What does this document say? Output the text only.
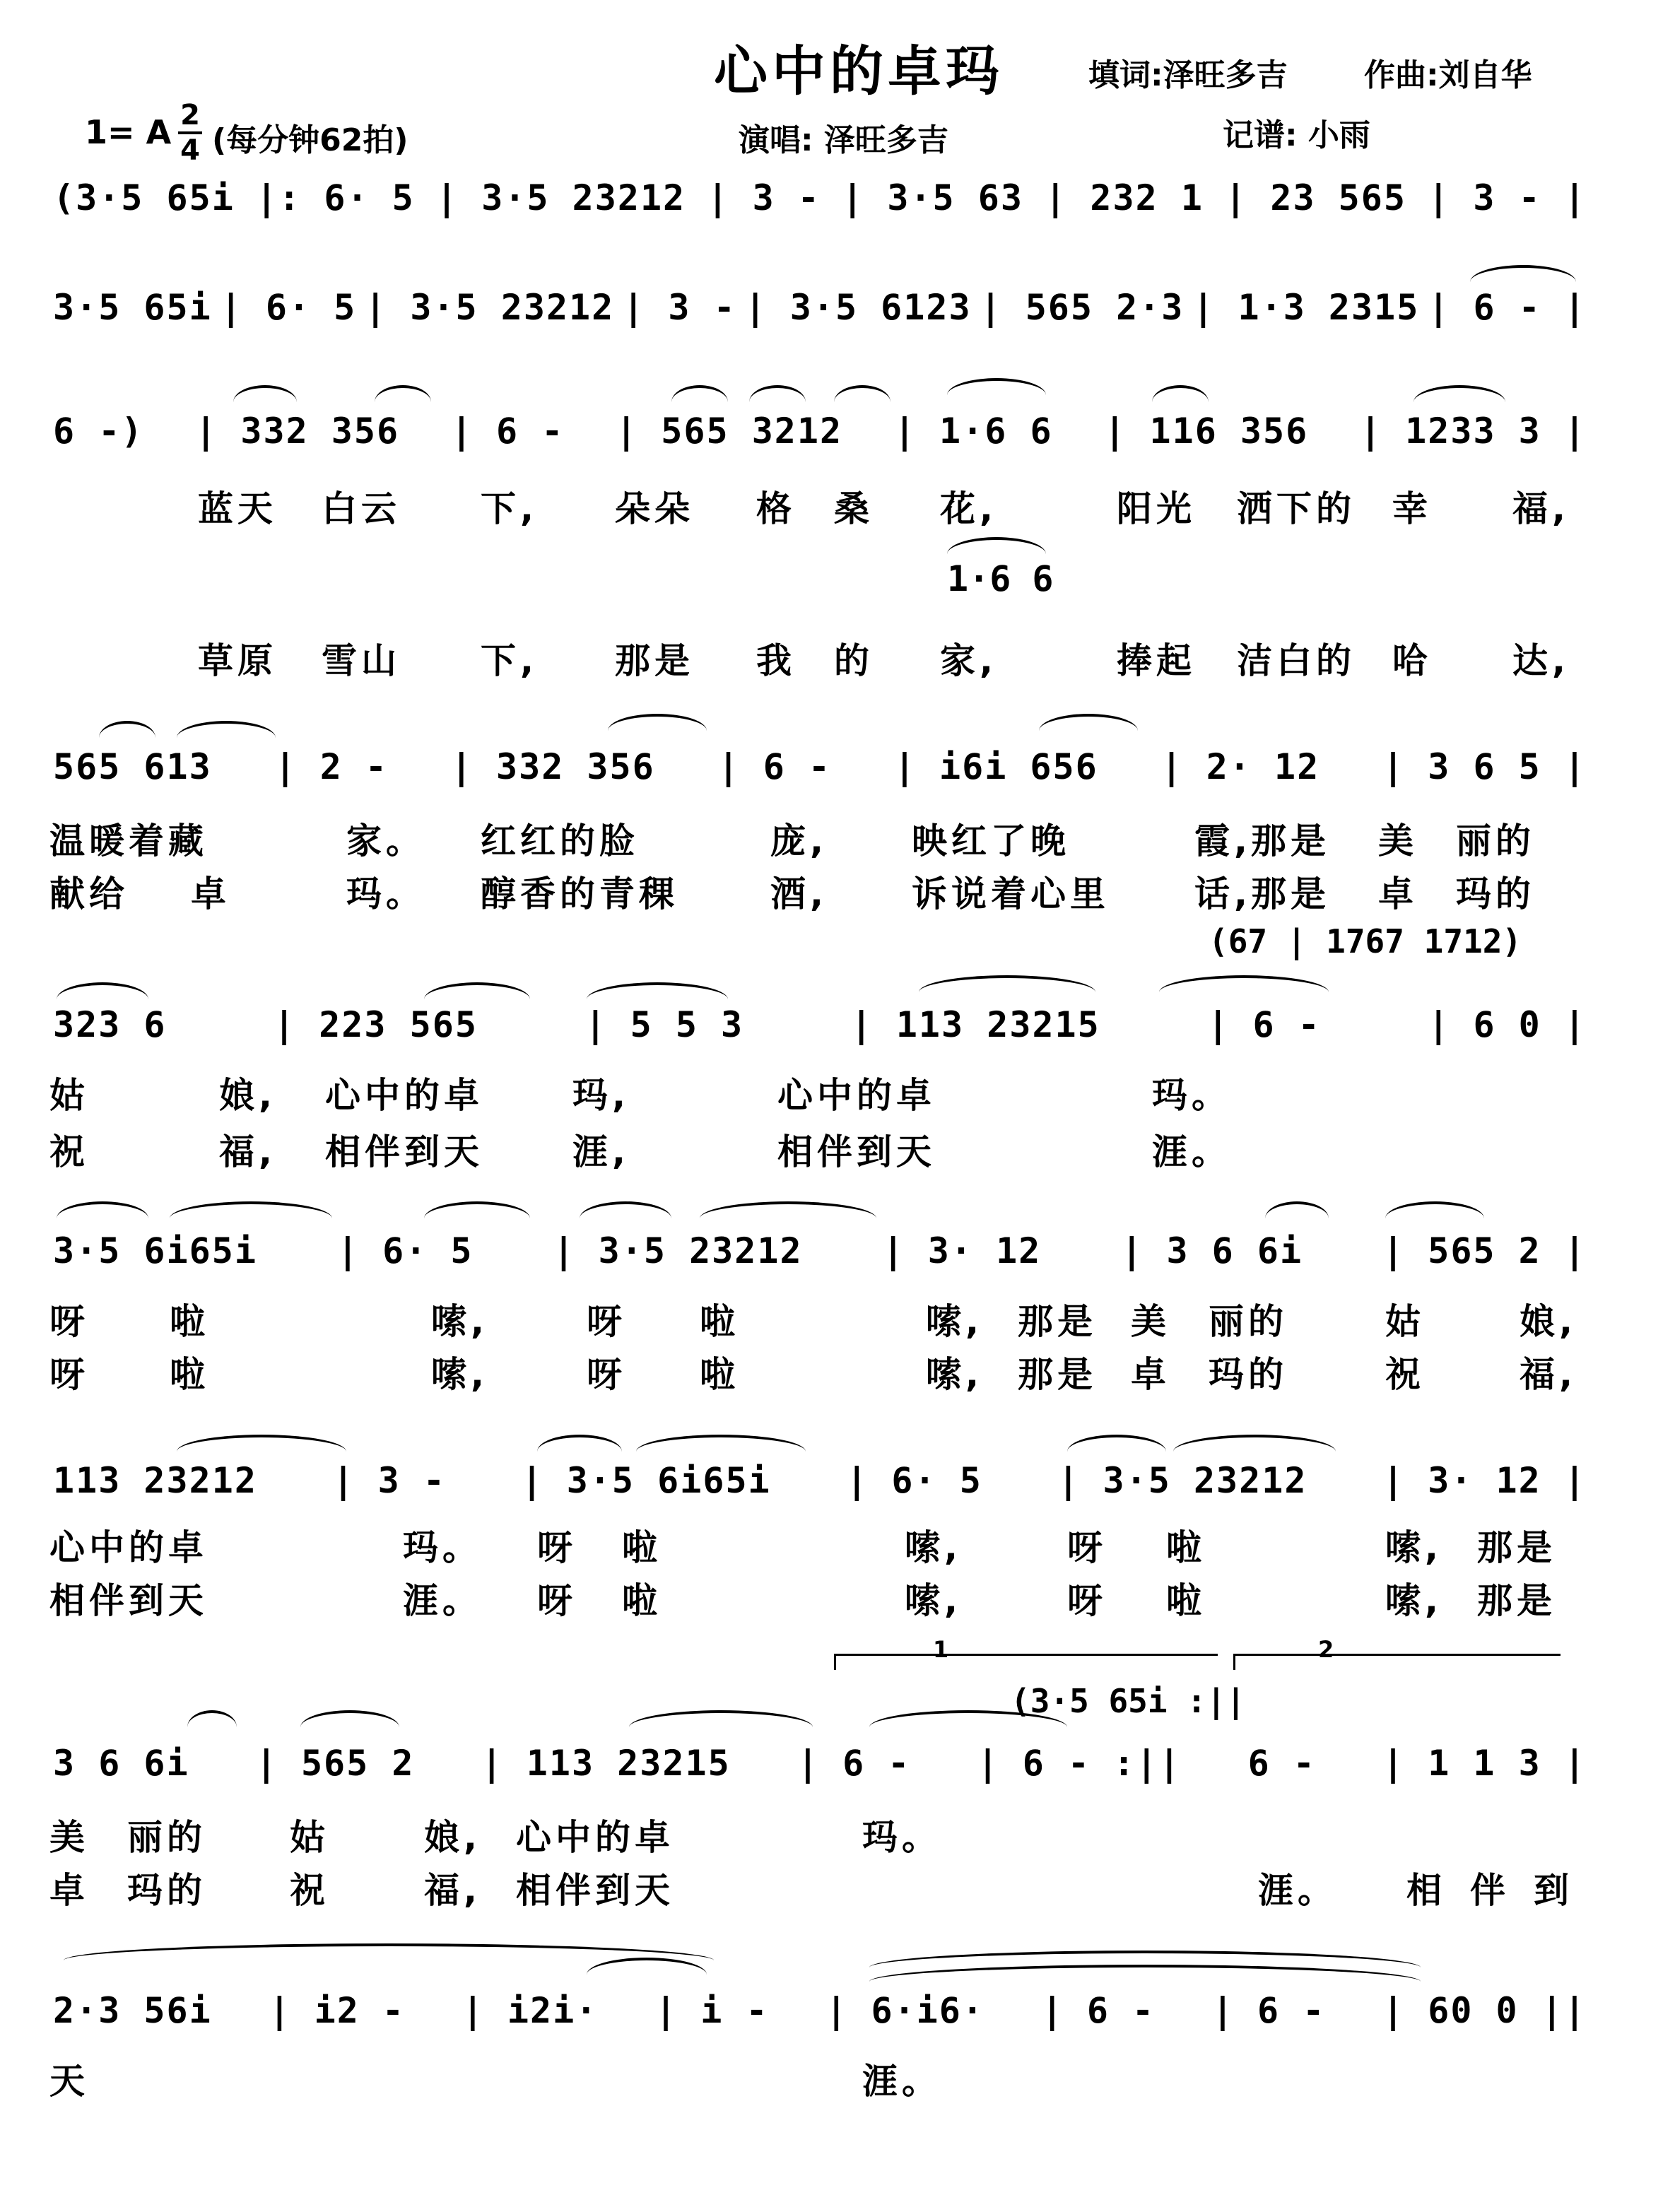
心中的卓玛	填词:泽旺多吉 作曲:刘自华
1= A 2
4 (每分钟62拍)	演唱: 泽旺多吉	记谱: 小雨
(3·5 65i |: 6· 5 | 3·5 23212 | 3 - | 3·5 63 | 232 1 | 23 565 | 3 - |
3·5 65i | 6· 5 | 3·5 23212 | 3 - | 3·5 6123 | 565 2·3 | 1·3 2315 | 6 - |
6 -) | 332 356 | 6 - | 565 3212 | 1·6 6 | 116 356 | 1233 3 |
蓝天 白云 下, 朵朵 格 桑 花,	阳光 洒下的 幸 福,
1·6 6
草原 雪山 下, 那是 我 的 家,	捧起 洁白的 哈 达,
565 613 | 2 - | 332 356 | 6 - | i6i 656 | 2· 12 | 3 6 5 |
温暖着藏	家。 红红的脸	庞, 映红了晚	霞, 那是 美 丽的
献给 卓	玛。 醇香的青稞	酒, 诉说着心里 话, 那是 卓 玛的
(67 | 1767 1712)
323 6	| 223 565	| 5 5 3	| 113 23215	| 6 -	| 6 0 |
姑	娘, 心中的卓	玛,	心中的卓	玛。
祝	福, 相伴到天	涯,	相伴到天	涯。
3·5 6i65i | 6· 5 | 3·5 23212 | 3· 12 | 3 6 6i | 565 2 |
呀 啦	嗦,	呀 啦	嗦, 那是 美 丽的	姑	娘,
呀 啦	嗦,	呀 啦	嗦, 那是 卓 玛的	祝	福,
113 23212 | 3 - | 3·5 6i65i | 6· 5 | 3·5 23212 | 3· 12 |
心中的卓	玛。 呀 啦	嗦,	呀 啦	嗦, 那是
相伴到天	涯。 呀 啦	嗦,	呀 啦	嗦, 那是
1	2
(3·5 65i :||
3 6 6i | 565 2 | 113 23215 | 6 - | 6 - :|| 6 - | 1 1 3 |
美 丽的 姑	娘, 心中的卓	玛。
卓 玛的 祝	福, 相伴到天	涯。 相 伴 到
2·3 56i | i2 - | i2i· | i - | 6·i6· | 6 - | 6 - | 60 0 ||
天	涯。
